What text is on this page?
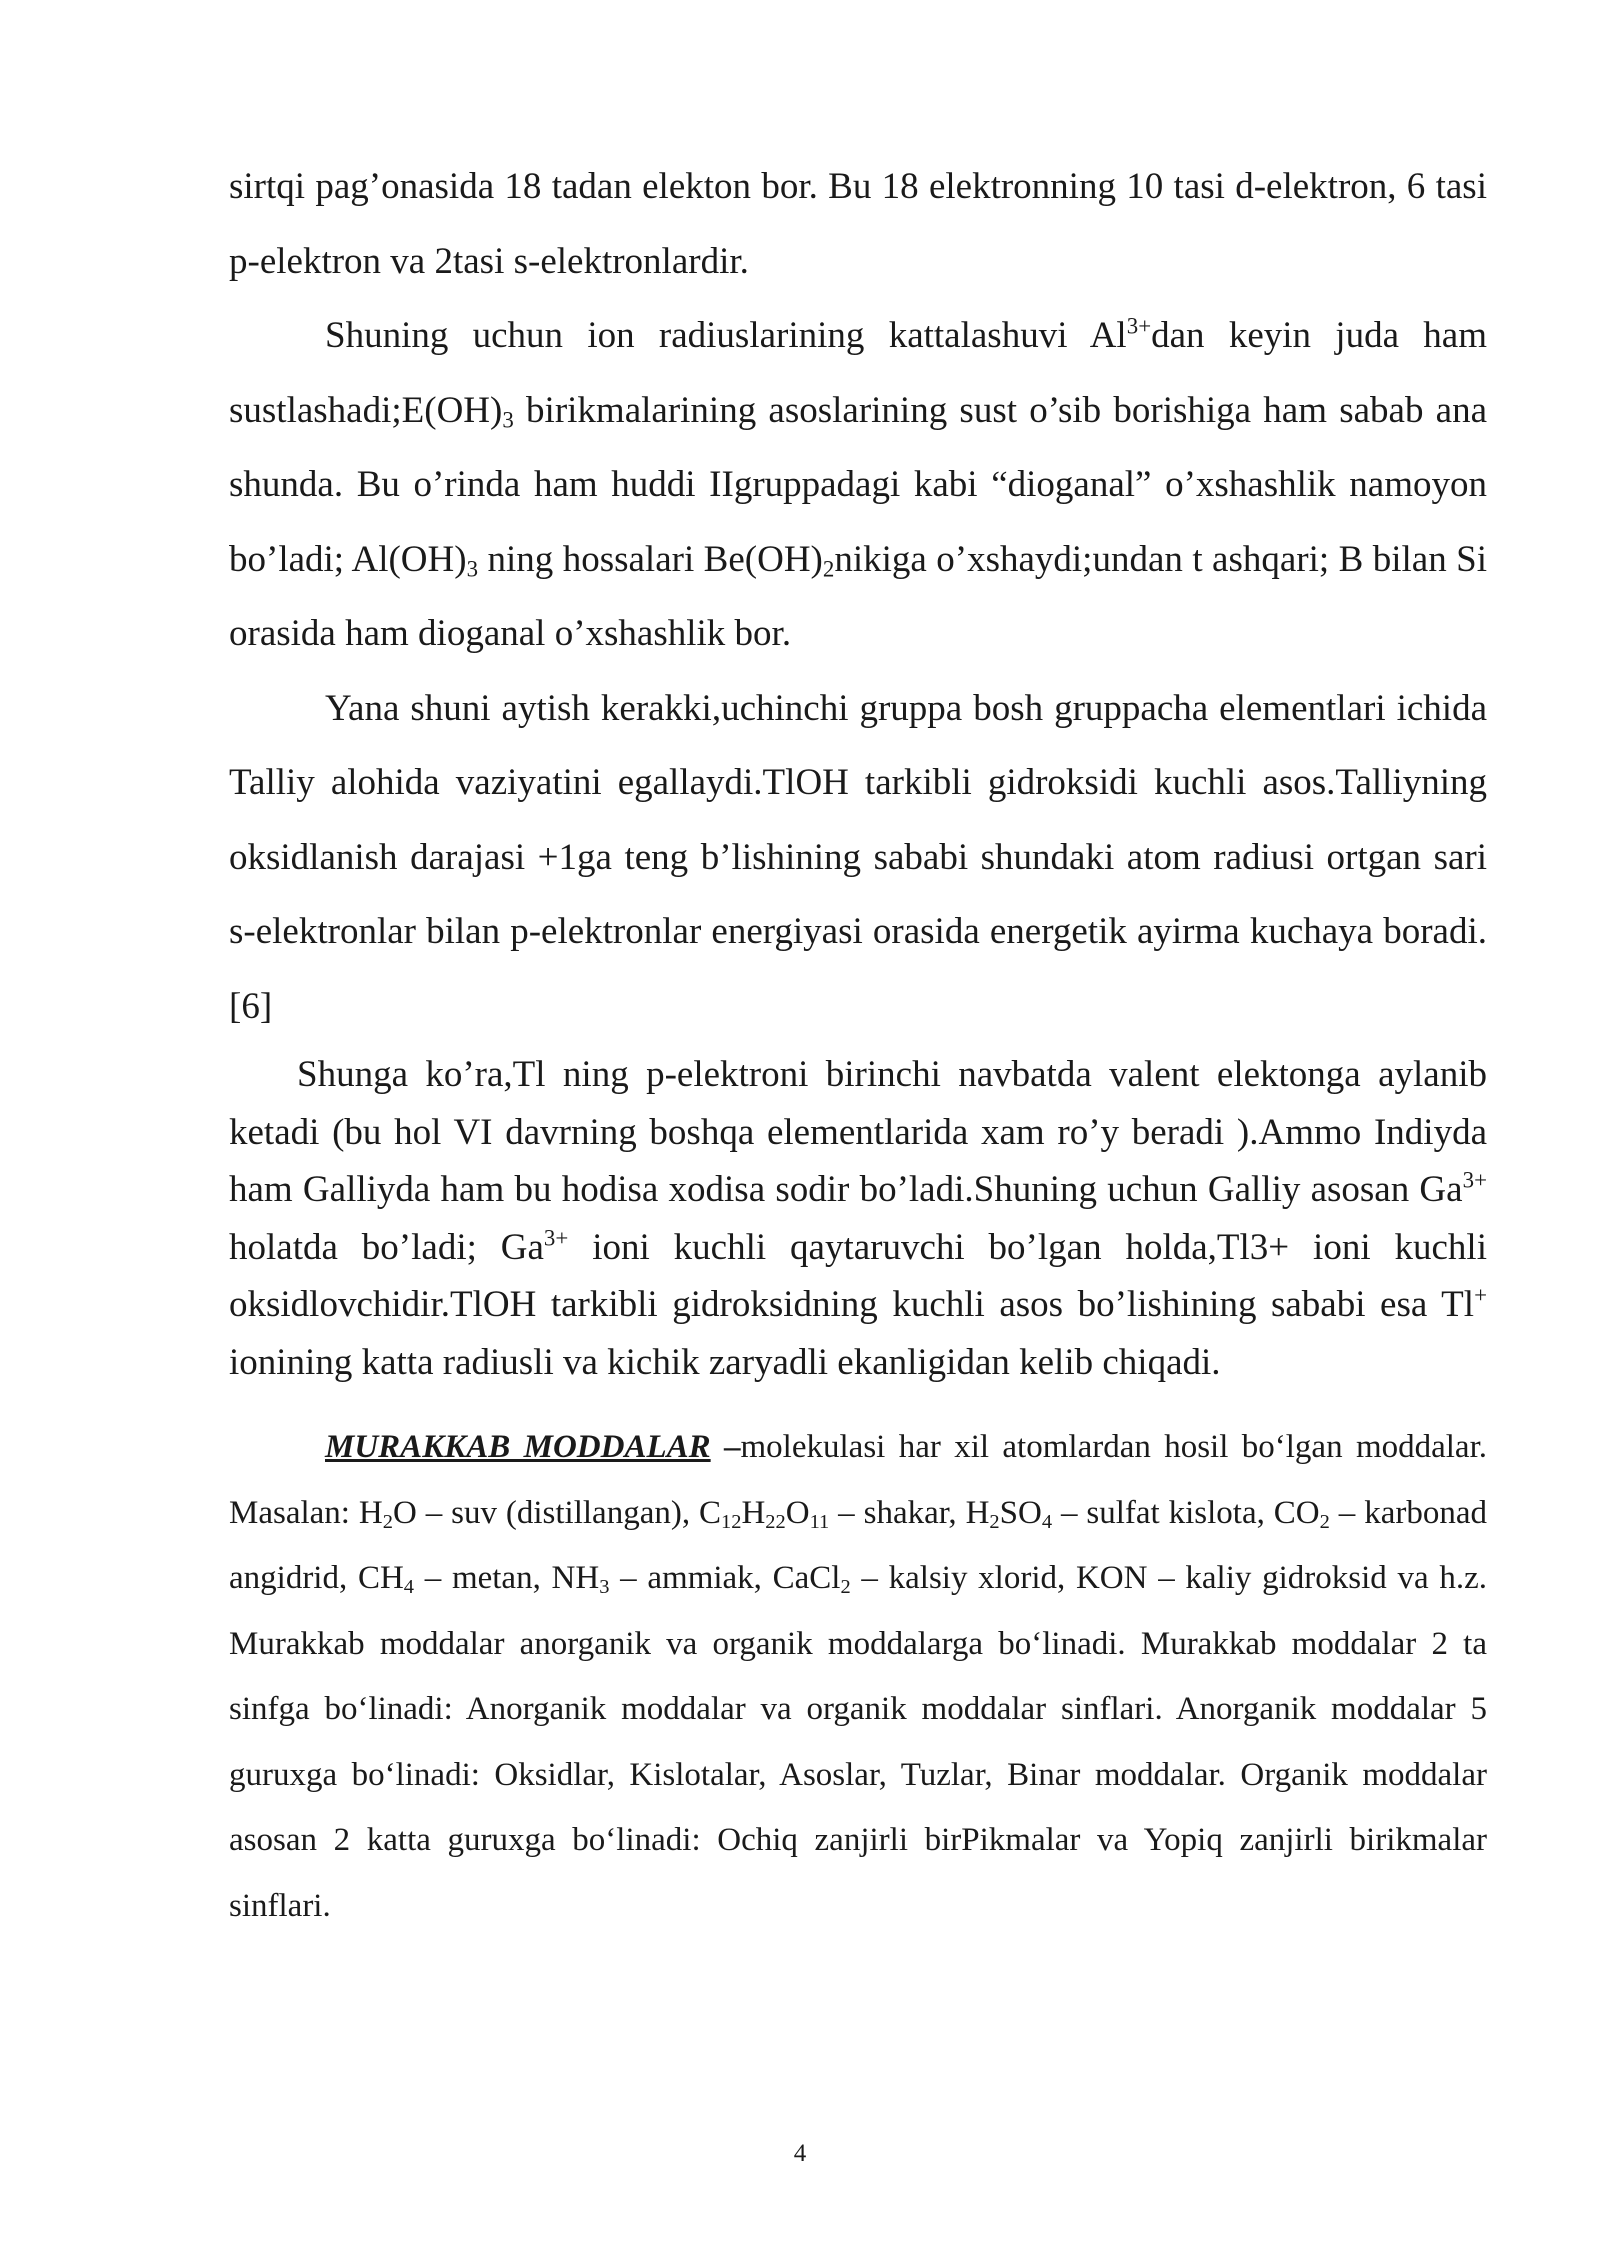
sirtqi pag’onasida 18 tadan elekton bor. Bu 18 elektronning 10 tasi d-elektron, 6 tasi p-elektron va 2tasi s-elektronlardir.

Shuning uchun ion radiuslarining kattalashuvi $Al^{3+}dan$ keyin juda ham $sustlashadi;E(OH)_3$ birikmalarining asoslarining sust o’sib borishiga ham sabab ana shunda. Bu o’rinda ham huddi IIgruppadagi kabi “dioganal” o’xshashlik namoyon bo’ladi; $Al(OH)_3$ ning hossalari $Be(OH)_2nikiga$ o’xshaydi;undan t ashqari; B bilan Si orasida ham dioganal o’xshashlik bor.

Yana shuni aytish kerakki,uchinchi gruppa bosh gruppacha elementlari ichida Talliy alohida vaziyatini egallaydi.TlOH tarkibli gidroksidi kuchli asos.Talliyning oksidlanish darajasi +1ga teng b’lishining sababi shundaki atom radiusi ortgan sari s-elektronlar bilan p-elektronlar energiyasi orasida energetik ayirma kuchaya boradi. [6]

Shunga ko’ra,Tl ning p-elektroni birinchi navbatda valent elektonga aylanib ketadi (bu hol VI davrning boshqa elementlarida xam ro’y beradi ).Ammo Indiyda ham Galliyda ham bu hodisa xodisa sodir bo’ladi.Shuning uchun Galliy asosan $Ga^{3+}$ holatda bo’ladi; $Ga^{3+}$ ioni kuchli qaytaruvchi bo’lgan holda,Tl3+ ioni kuchli oksidlovchidir.TlOH tarkibli gidroksidning kuchli asos bo’lishining sababi esa Tl+ ionining katta radiusli va kichik zaryadli ekanligidan kelib chiqadi.

MURAKKAB MODDALAR –molekulasi har xil atomlardan hosil bo‘lgan moddalar. Masalan: $H_2O$ – suv (distillangan), $C_{12}H_{22}O_{11}$ – shakar, $H_2SO_4$ – sulfat kislota, $CO_2$ – karbonad angidrid, $CH_4$ – metan, $NH_3$ – ammiak, CaCl$_2$ – kalsiy xlorid, KON – kaliy gidroksid va h.z. Murakkab moddalar anorganik va organik moddalarga bo‘linadi. Murakkab moddalar 2 ta sinfga bo‘linadi: Anorganik moddalar va organik moddalar sinflari. Anorganik moddalar 5 guruxga bo‘linadi: Oksidlar, Kislotalar, Asoslar, Tuzlar, Binar moddalar. Organik moddalar asosan 2 katta guruxga bo‘linadi: Ochiq zanjirli birPikmalar va Yopiq zanjirli birikmalar sinflari.

4
